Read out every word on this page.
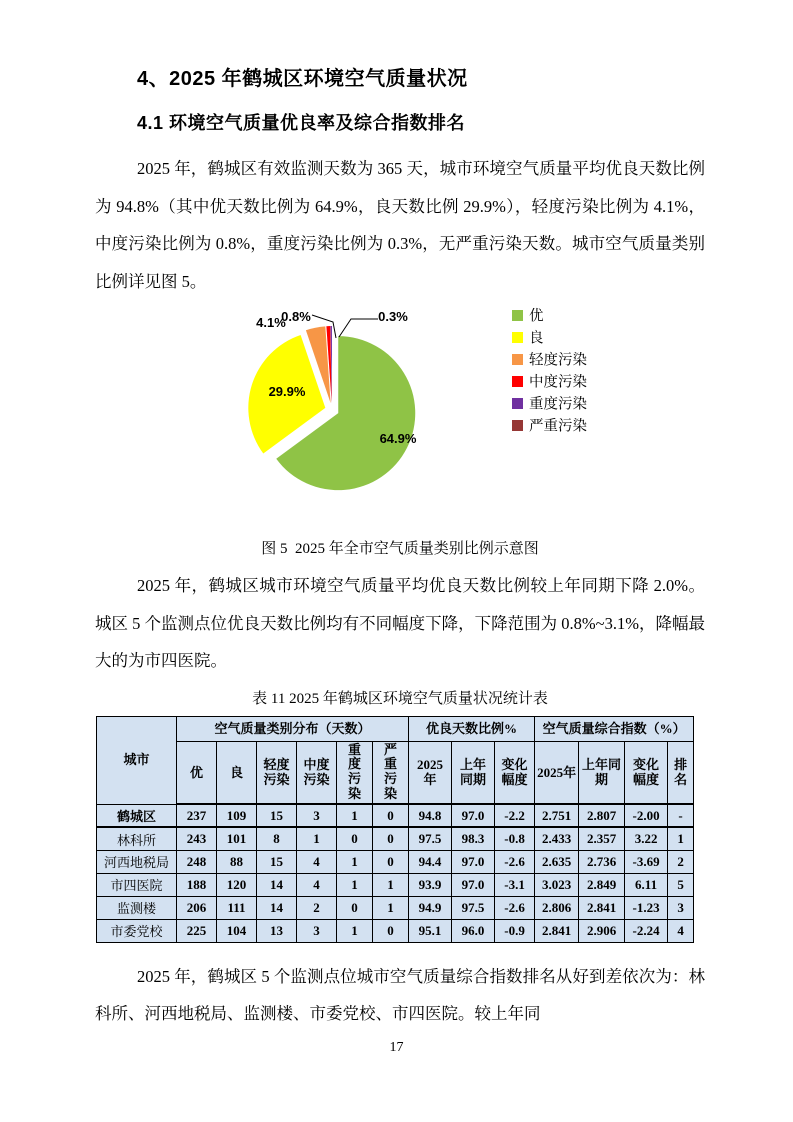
4、2025 年鹤城区环境空气质量状况
4.1 环境空气质量优良率及综合指数排名

2025 年，鹤城区有效监测天数为 365 天，城市环境空气质量平均优良天数比例为 94.8%（其中优天数比例为 64.9%，良天数比例 29.9%），轻度污染比例为 4.1%，中度污染比例为 0.8%，重度污染比例为 0.3%，无严重污染天数。城市空气质量类别比例详见图 5。

64.9%
29.9%
4.1%
0.8%	0.3%	优
良
轻度污染
中度污染
重度污染
严重污染
图 5  2025 年全市空气质量类别比例示意图

2025 年，鹤城区城市环境空气质量平均优良天数比例较上年同期下降 2.0%。城区 5 个监测点位优良天数比例均有不同幅度下降，下降范围为 0.8%~3.1%，降幅最大的为市四医院。

表 11 2025 年鹤城区环境空气质量状况统计表
城市	空气质量类别分布（天数）						优良天数比例%			空气质量综合指数（%）			
	优	良	轻度污染	中度污染	重度污染	严重污染	2025年	上年同期	变化幅度	2025年	上年同期	变化幅度	排名
鹤城区	237	109	15	3	1	0	94.8	97.0	-2.2	2.751	2.807	-2.00	-
林科所	243	101	8	1	0	0	97.5	98.3	-0.8	2.433	2.357	3.22	1
河西地税局	248	88	15	4	1	0	94.4	97.0	-2.6	2.635	2.736	-3.69	2
市四医院	188	120	14	4	1	1	93.9	97.0	-3.1	3.023	2.849	6.11	5
监测楼	206	111	14	2	0	1	94.9	97.5	-2.6	2.806	2.841	-1.23	3
市委党校	225	104	13	3	1	0	95.1	96.0	-0.9	2.841	2.906	-2.24	4

2025 年，鹤城区 5 个监测点位城市空气质量综合指数排名从好到差依次为：林科所、河西地税局、监测楼、市委党校、市四医院。较上年同

17
